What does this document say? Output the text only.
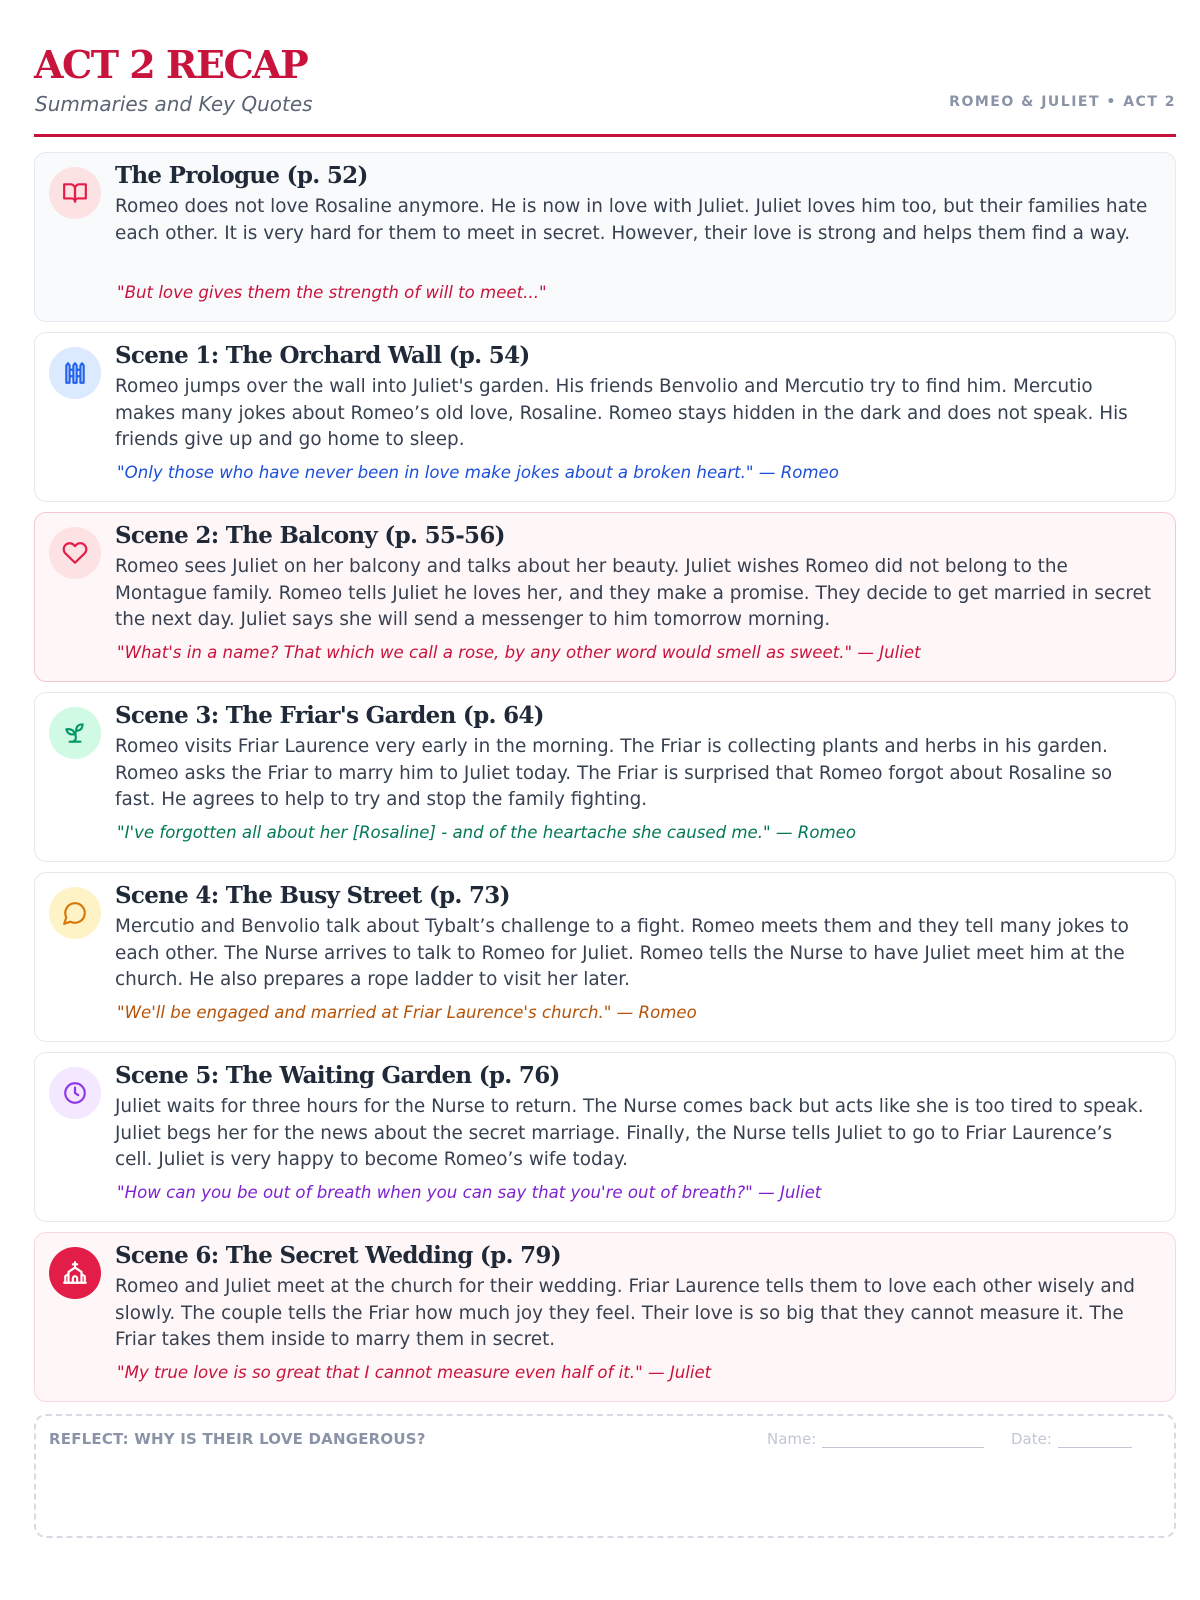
ACT 2 RECAP
Summaries and Key Quotes	ROMEO & JULIET • ACT 2
The Prologue (p. 52)

Romeo does not love Rosaline anymore. He is now in love with Juliet. Juliet loves him too, but their families hate each other. It is very hard for them to meet in secret. However, their love is strong and helps them find a way.

"But love gives them the strength of will to meet..."

Scene 1: The Orchard Wall (p. 54)

Romeo jumps over the wall into Juliet's garden. His friends Benvolio and Mercutio try to find him. Mercutio makes many jokes about Romeo’s old love, Rosaline. Romeo stays hidden in the dark and does not speak. His friends give up and go home to sleep.

"Only those who have never been in love make jokes about a broken heart." — Romeo

Scene 2: The Balcony (p. 55-56)

Romeo sees Juliet on her balcony and talks about her beauty. Juliet wishes Romeo did not belong to the Montague family. Romeo tells Juliet he loves her, and they make a promise. They decide to get married in secret the next day. Juliet says she will send a messenger to him tomorrow morning.

"What's in a name? That which we call a rose, by any other word would smell as sweet." — Juliet

Scene 3: The Friar's Garden (p. 64)

Romeo visits Friar Laurence very early in the morning. The Friar is collecting plants and herbs in his garden. Romeo asks the Friar to marry him to Juliet today. The Friar is surprised that Romeo forgot about Rosaline so fast. He agrees to help to try and stop the family fighting.

"I've forgotten all about her [Rosaline] - and of the heartache she caused me." — Romeo

Scene 4: The Busy Street (p. 73)

Mercutio and Benvolio talk about Tybalt’s challenge to a fight. Romeo meets them and they tell many jokes to each other. The Nurse arrives to talk to Romeo for Juliet. Romeo tells the Nurse to have Juliet meet him at the church. He also prepares a rope ladder to visit her later.

"We'll be engaged and married at Friar Laurence's church." — Romeo

Scene 5: The Waiting Garden (p. 76)

Juliet waits for three hours for the Nurse to return. The Nurse comes back but acts like she is too tired to speak. Juliet begs her for the news about the secret marriage. Finally, the Nurse tells Juliet to go to Friar Laurence’s cell. Juliet is very happy to become Romeo’s wife today.

"How can you be out of breath when you can say that you're out of breath?" — Juliet

Scene 6: The Secret Wedding (p. 79)

Romeo and Juliet meet at the church for their wedding. Friar Laurence tells them to love each other wisely and slowly. The couple tells the Friar how much joy they feel. Their love is so big that they cannot measure it. The Friar takes them inside to marry them in secret.

"My true love is so great that I cannot measure even half of it." — Juliet

REFLECT: WHY IS THEIR LOVE DANGEROUS?	Name:	Date:
